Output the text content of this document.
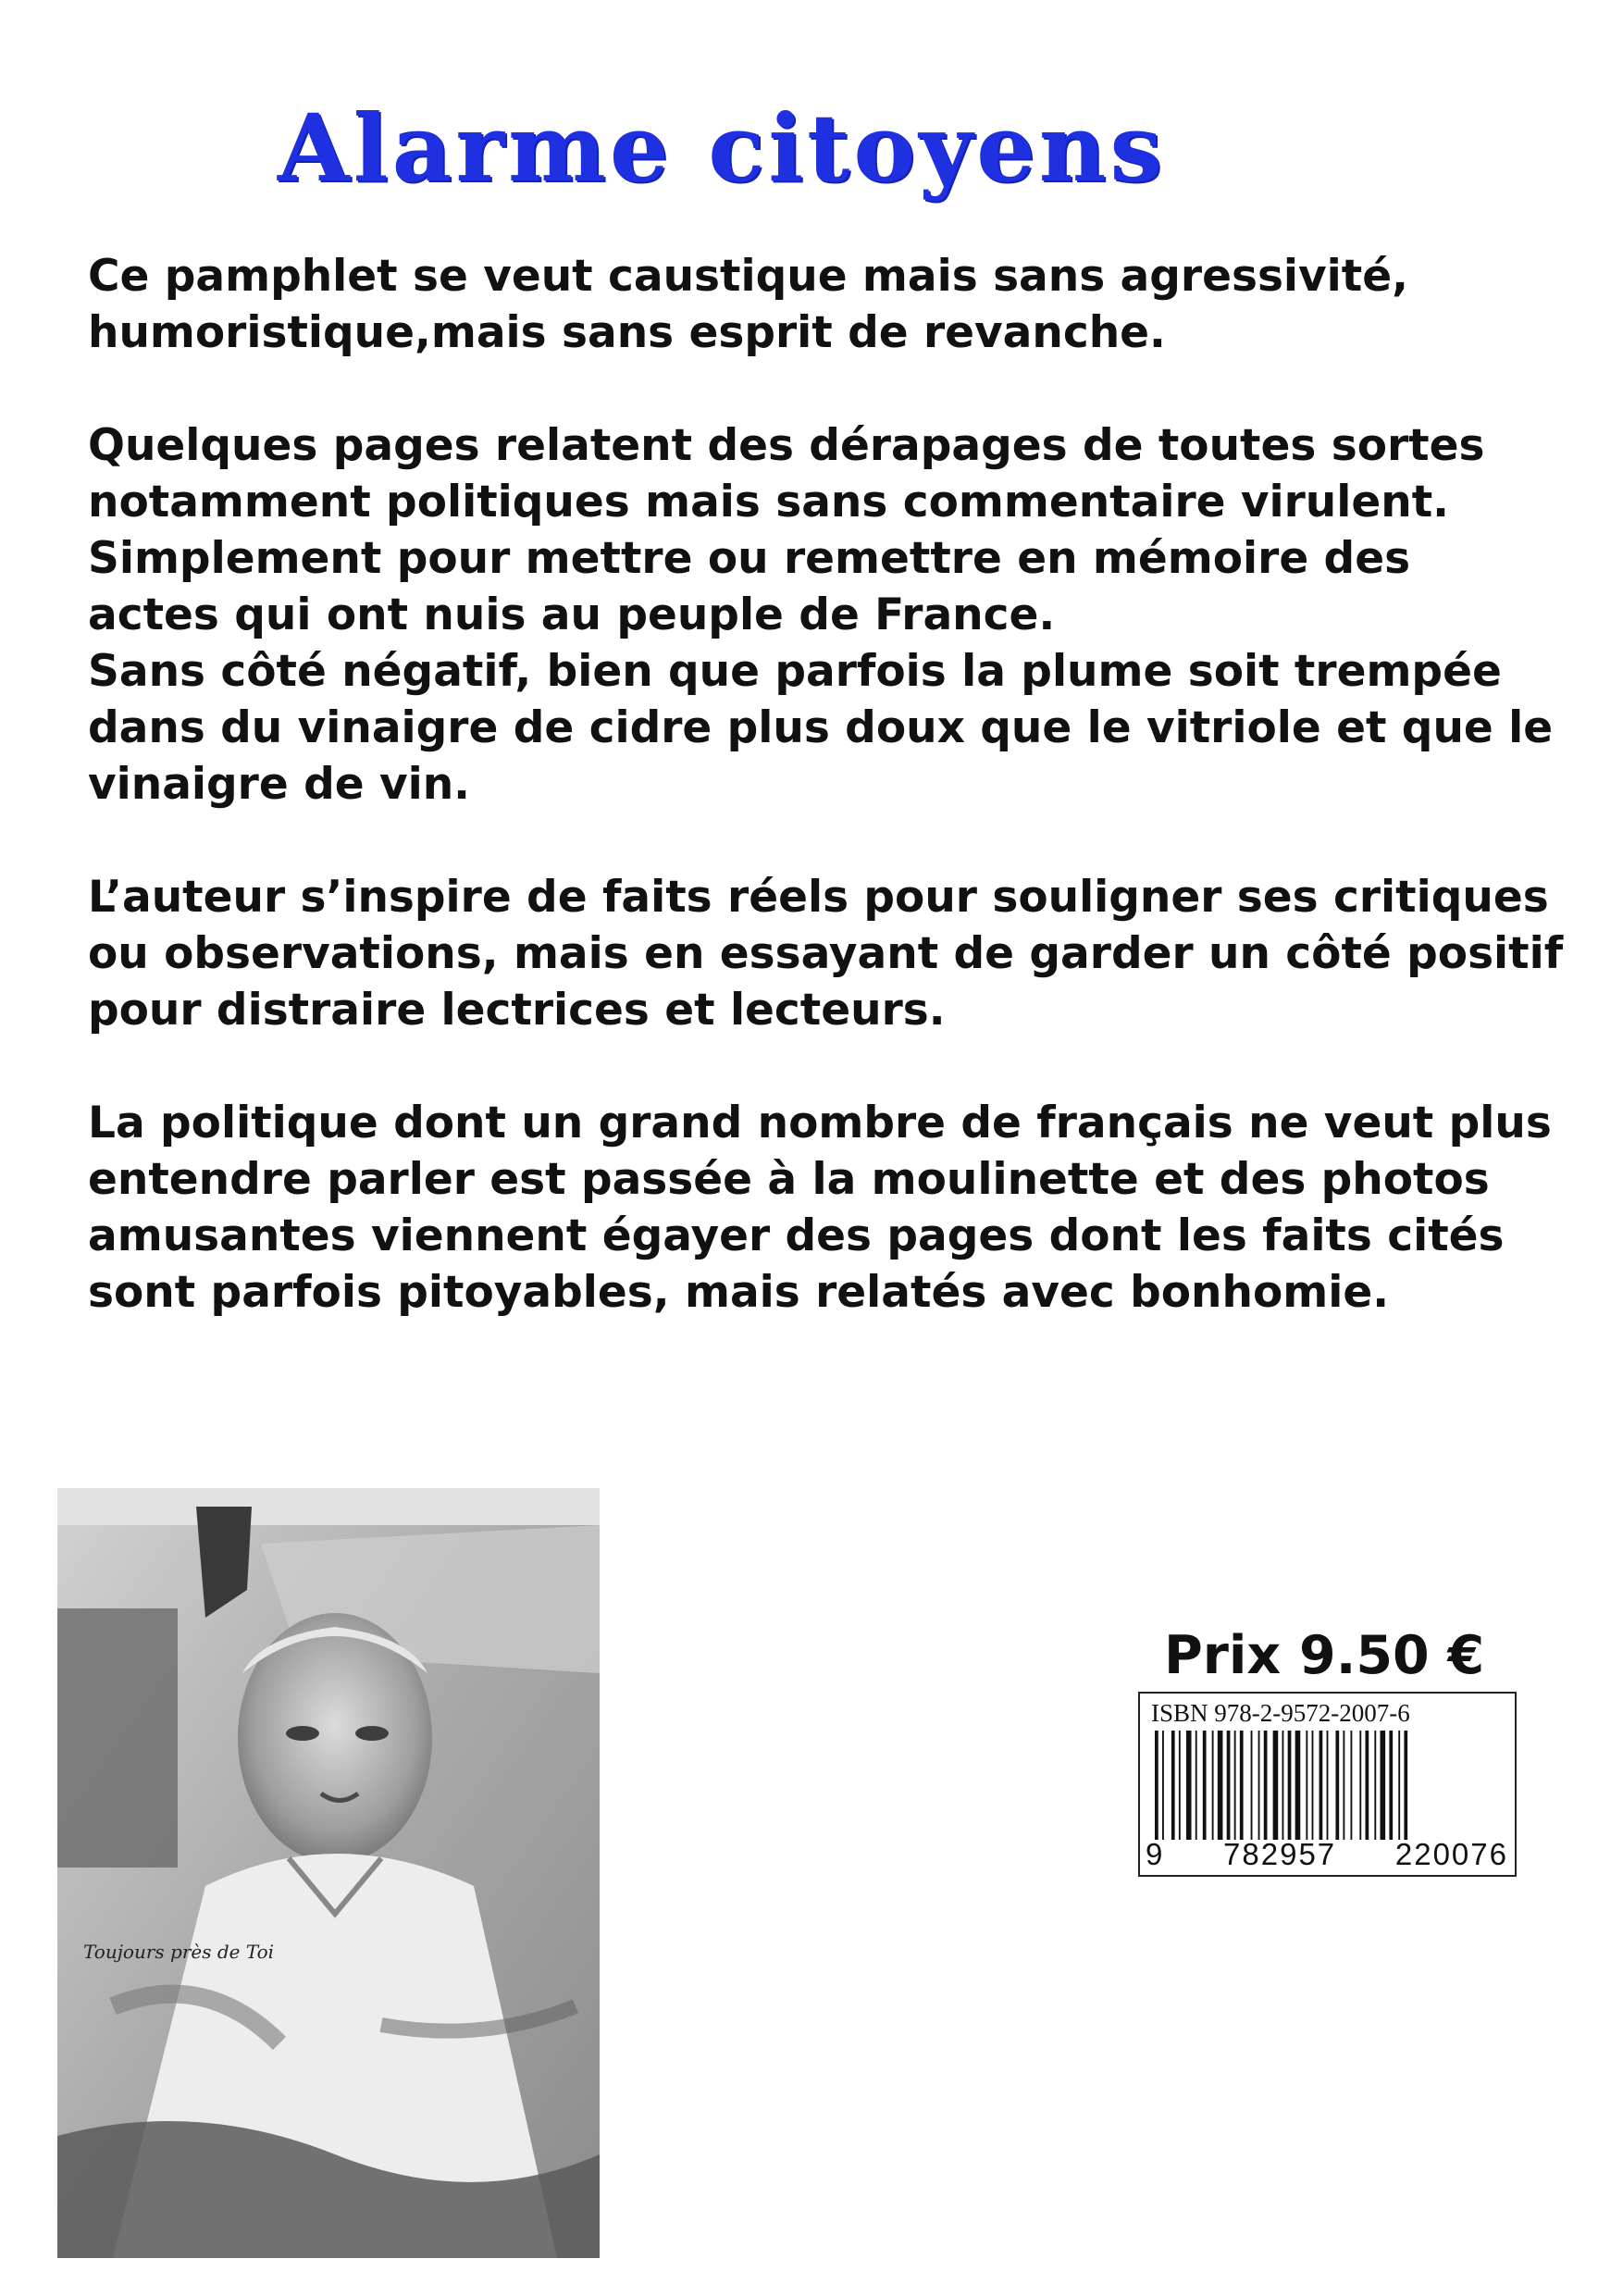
Alarme citoyens

Ce pamphlet se veut caustique mais sans agressivité,
humoristique,mais sans esprit de revanche.

Quelques pages relatent des dérapages de toutes sortes
notamment politiques mais sans commentaire virulent.
Simplement pour mettre ou remettre en mémoire des
actes qui ont nuis au peuple de France.
Sans côté négatif, bien que parfois la plume soit trempée
dans du vinaigre de cidre plus doux que le vitriole et que le
vinaigre de vin.

L’auteur s’inspire de faits réels pour souligner ses critiques
ou observations, mais en essayant de garder un côté positif
pour distraire lectrices et lecteurs.

La politique dont un grand nombre de français ne veut plus
entendre parler est passée à la moulinette et des photos
amusantes viennent égayer des pages dont les faits cités
sont parfois pitoyables, mais relatés avec bonhomie.

Toujours près de Toi
Prix 9.50 €
ISBN 978-2-9572-2007-6
9 782957 220076
